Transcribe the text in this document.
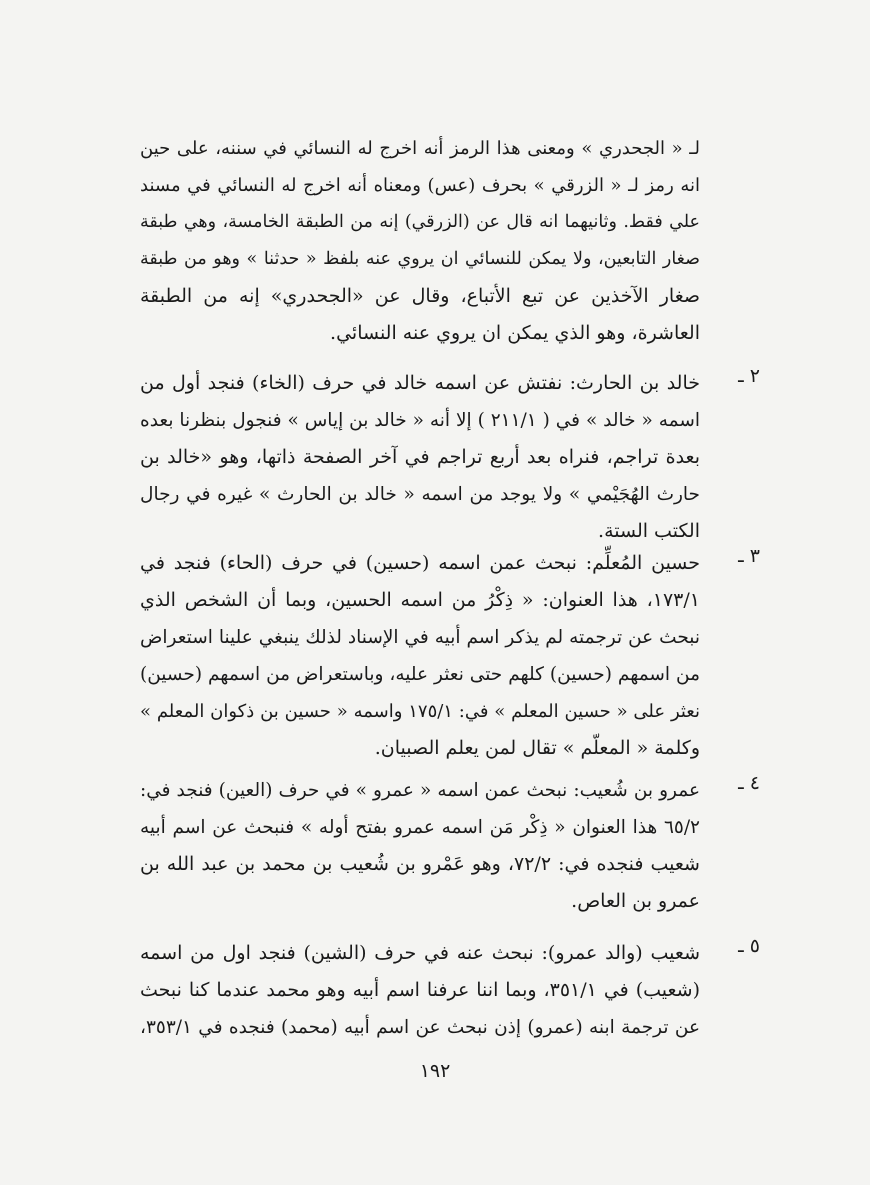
لـ « الجحدري » ومعنى هذا الرمز أنه اخرج له النسائي في سننه، على حين
انه رمز لـ « الزرقي » بحرف (عس) ومعناه أنه اخرج له النسائي في مسند
علي فقط. وثانيهما انه قال عن (الزرقي) إنه من الطبقة الخامسة، وهي طبقة
صغار التابعين، ولا يمكن للنسائي ان يروي عنه بلفظ « حدثنا » وهو من طبقة
صغار الآخذين عن تبع الأتباع، وقال عن «الجحدري» إنه من الطبقة
العاشرة، وهو الذي يمكن ان يروي عنه النسائي.
٢ ـ
خالد بن الحارث: نفتش عن اسمه خالد في حرف (الخاء) فنجد أول من
اسمه « خالد » في ( ٢١١/١ ) إلا أنه « خالد بن إياس » فنجول بنظرنا بعده
بعدة تراجم، فنراه بعد أربع تراجم في آخر الصفحة ذاتها، وهو «خالد بن
حارث الهُجَيْمي » ولا يوجد من اسمه « خالد بن الحارث » غيره في رجال
الكتب الستة.
٣ ـ
حسين المُعلِّم: نبحث عمن اسمه (حسين) في حرف (الحاء) فنجد في
١٧٣/١، هذا العنوان: « ذِكْرُ من اسمه الحسين، وبما أن الشخص الذي
نبحث عن ترجمته لم يذكر اسم أبيه في الإسناد لذلك ينبغي علينا استعراض
من اسمهم (حسين) كلهم حتى نعثر عليه، وباستعراض من اسمهم (حسين)
نعثر على « حسين المعلم » في: ١٧٥/١ واسمه « حسين بن ذكوان المعلم »
وكلمة « المعلّم » تقال لمن يعلم الصبيان.
٤ ـ
عمرو بن شُعيب: نبحث عمن اسمه « عمرو » في حرف (العين) فنجد في:
٦٥/٢ هذا العنوان « ذِكْر مَن اسمه عمرو بفتح أوله » فنبحث عن اسم أبيه
شعيب فنجده في: ٧٢/٢، وهو عَمْرو بن شُعيب بن محمد بن عبد الله بن
عمرو بن العاص.
٥ ـ
شعيب (والد عمرو): نبحث عنه في حرف (الشين) فنجد اول من اسمه
(شعيب) في ٣٥١/١، وبما اننا عرفنا اسم أبيه وهو محمد عندما كنا نبحث
عن ترجمة ابنه (عمرو) إذن نبحث عن اسم أبيه (محمد) فنجده في ٣٥٣/١،
١٩٢
